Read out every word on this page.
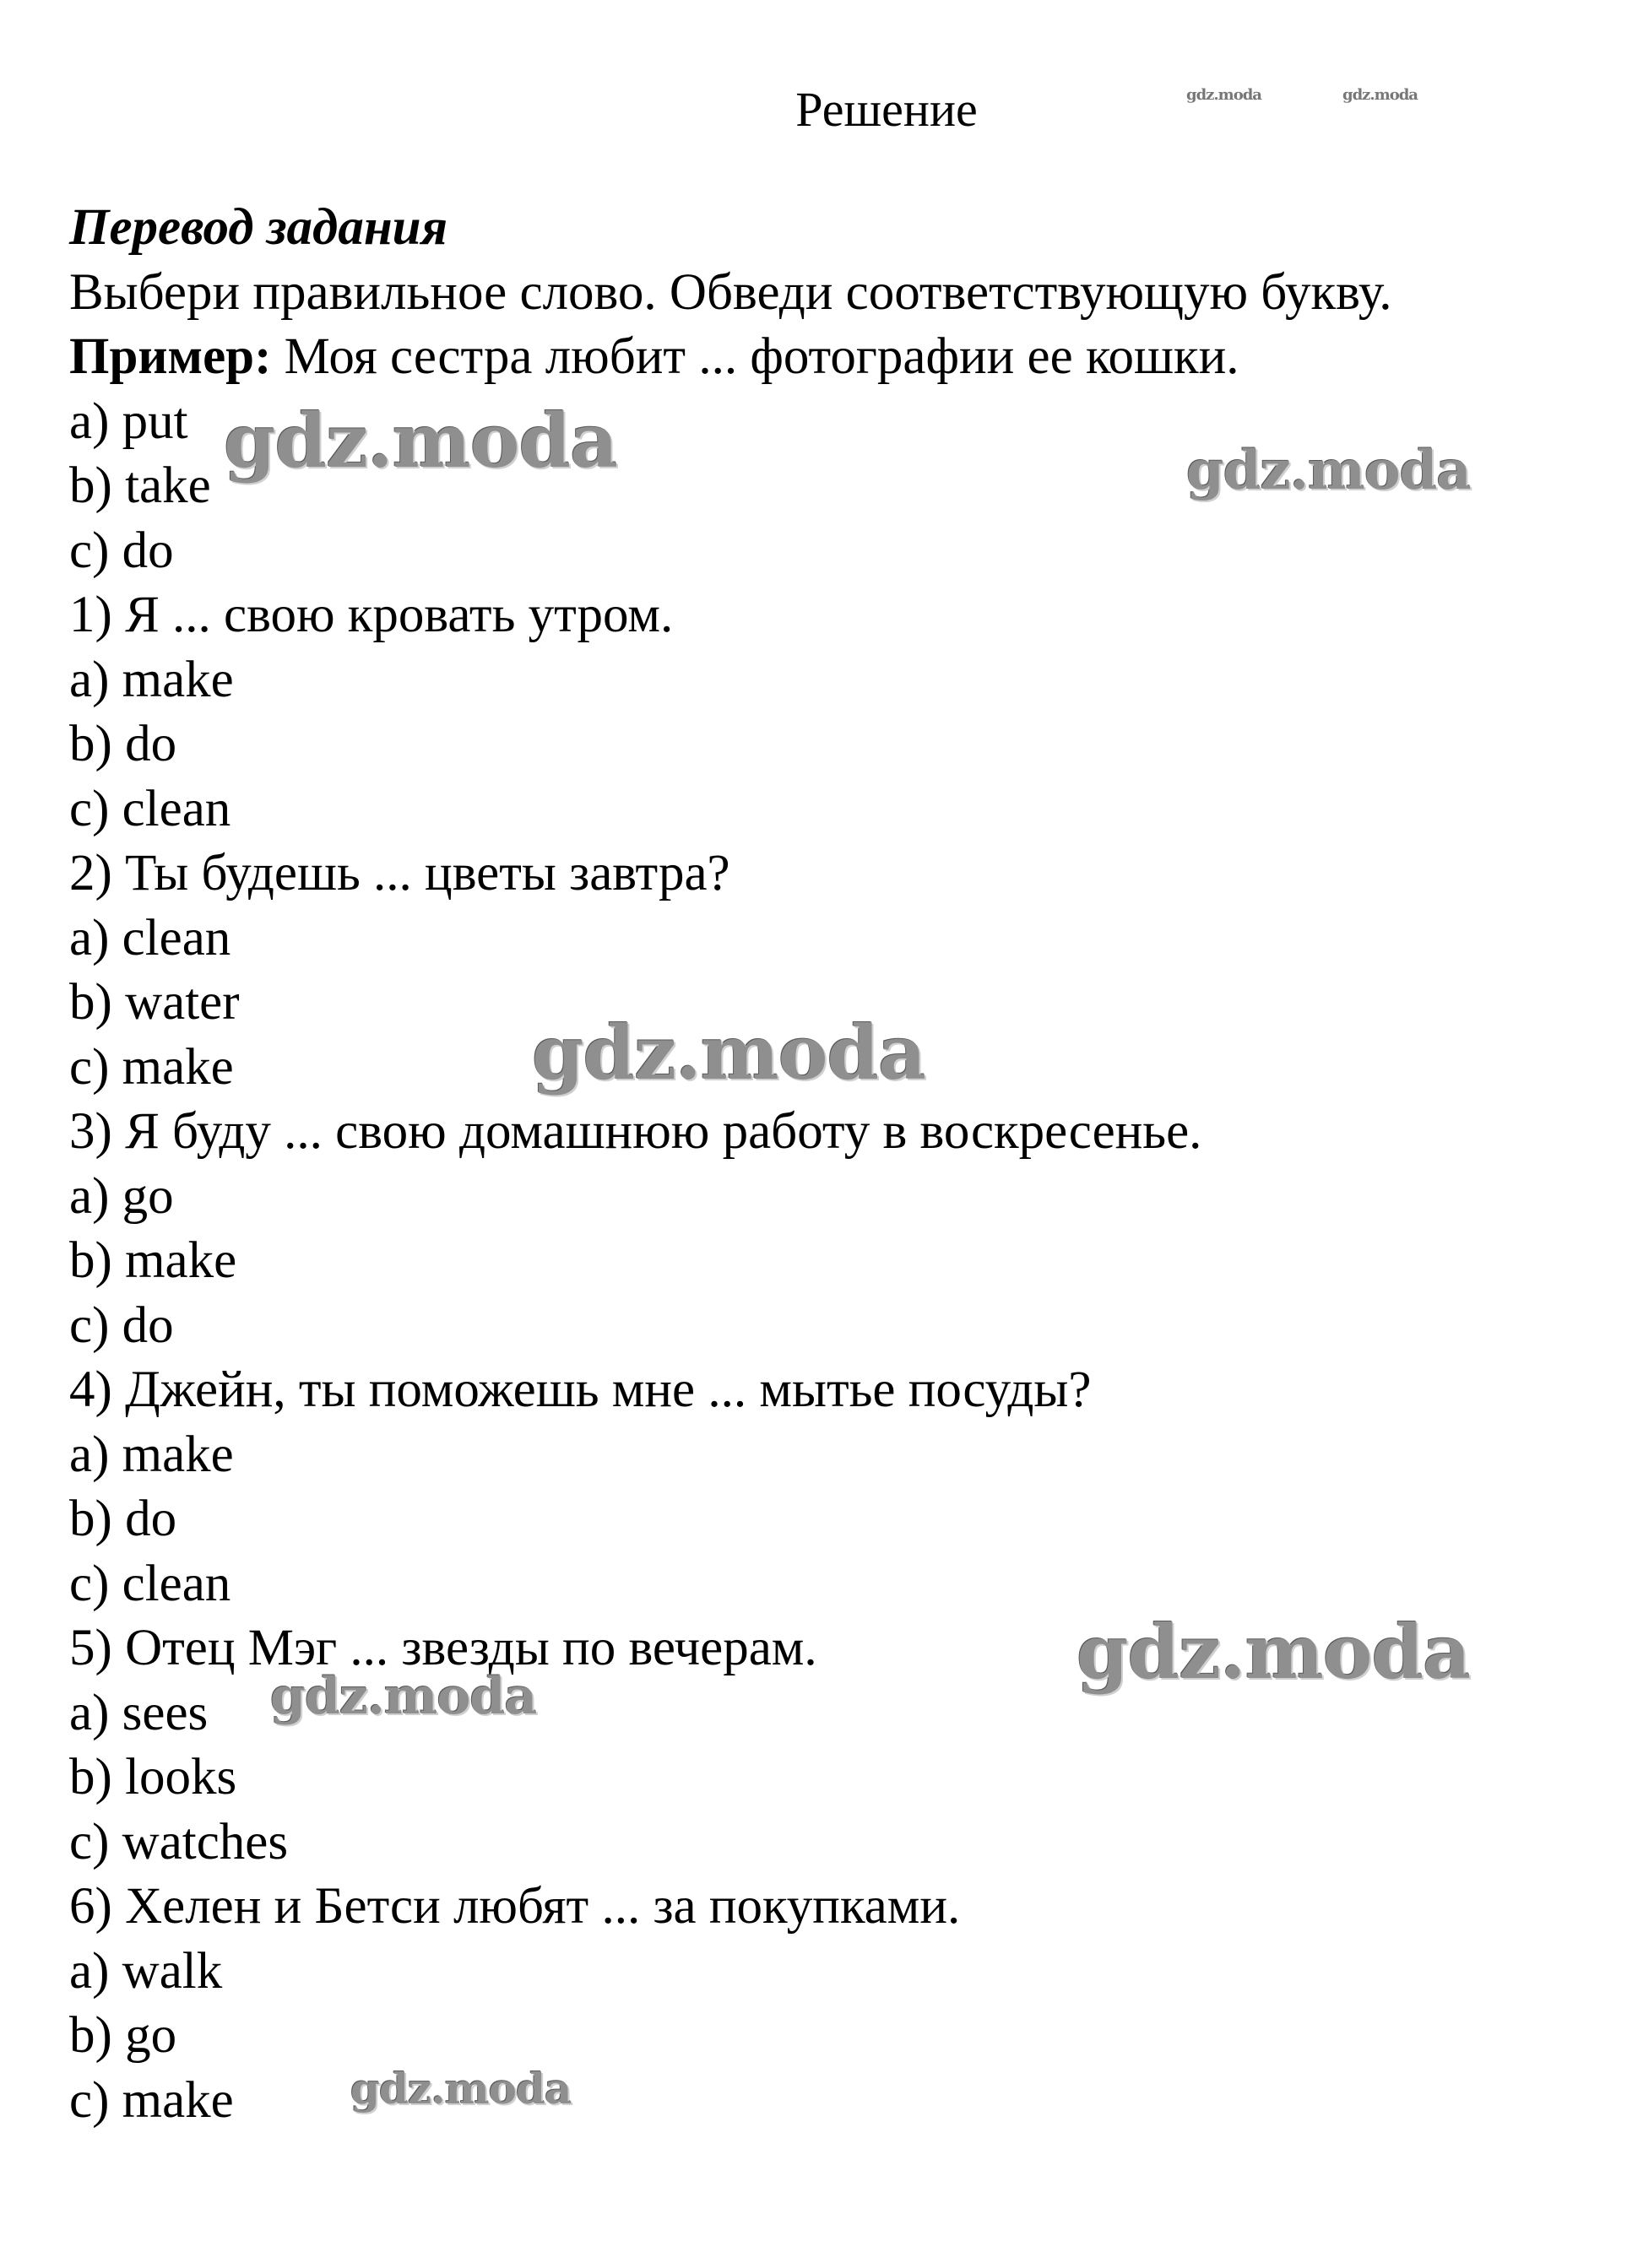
Решение
Перевод задания
Выбери правильное слово. Обведи соответствующую букву.
Пример: Моя сестра любит ... фотографии ее кошки.
a) put
b) take
c) do
1) Я ... свою кровать утром.
a) make
b) do
c) clean
2) Ты будешь ... цветы завтра?
a) clean
b) water
c) make
3) Я буду ... свою домашнюю работу в воскресенье.
a) go
b) make
c) do
4) Джейн, ты поможешь мне ... мытье посуды?
a) make
b) do
c) clean
5) Отец Мэг ... звезды по вечерам.
a) sees
b) looks
c) watches
6) Хелен и Бетси любят ... за покупками.
a) walk
b) go
c) make
gdz.moda	gdz.moda
gdz.moda	gdz.moda
gdz.moda
gdz.moda
gdz.moda
gdz.moda
